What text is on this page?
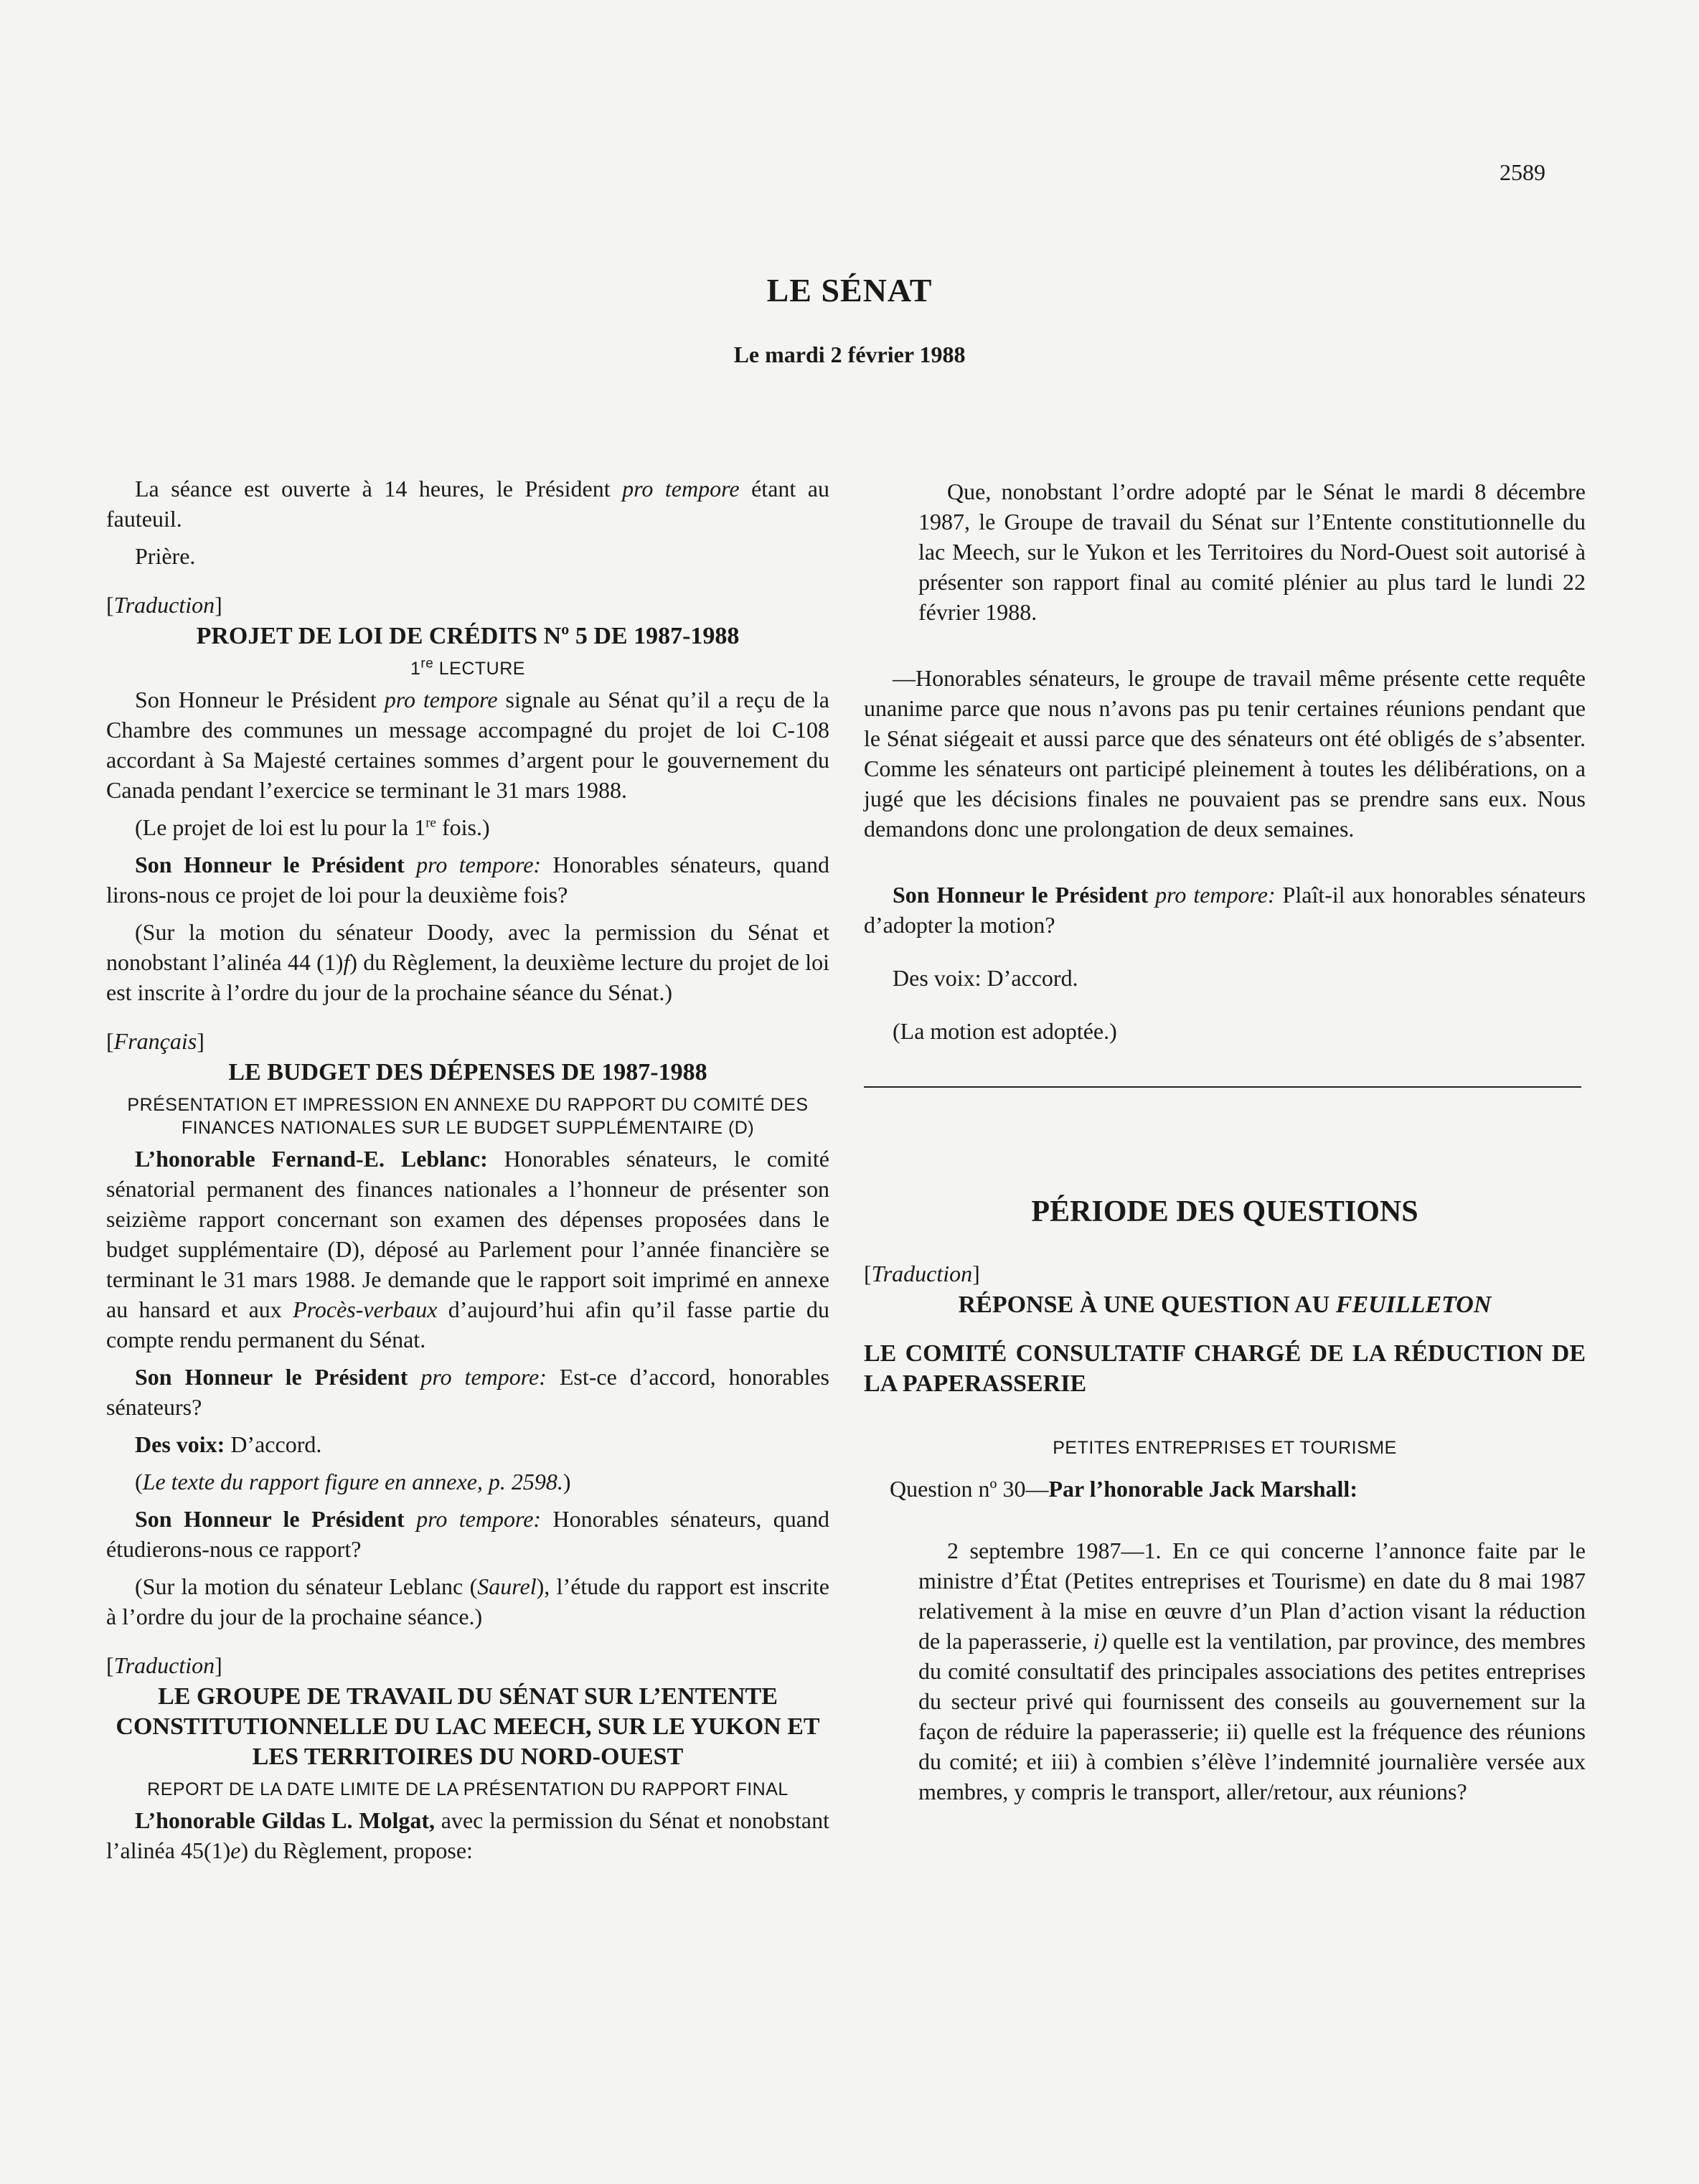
2589
LE SÉNAT
Le mardi 2 février 1988

La séance est ouverte à 14 heures, le Président pro tempore étant au fauteuil.

Prière.

[Traduction]

PROJET DE LOI DE CRÉDITS Nº 5 DE 1987-1988

1re LECTURE

Son Honneur le Président pro tempore signale au Sénat qu’il a reçu de la Chambre des communes un message accompagné du projet de loi C-108 accordant à Sa Majesté certaines sommes d’argent pour le gouvernement du Canada pendant l’exercice se terminant le 31 mars 1988.

(Le projet de loi est lu pour la 1re fois.)

Son Honneur le Président pro tempore: Honorables sénateurs, quand lirons-nous ce projet de loi pour la deuxième fois?

(Sur la motion du sénateur Doody, avec la permission du Sénat et nonobstant l’alinéa 44 (1)f) du Règlement, la deuxième lecture du projet de loi est inscrite à l’ordre du jour de la prochaine séance du Sénat.)

[Français]

LE BUDGET DES DÉPENSES DE 1987-1988

PRÉSENTATION ET IMPRESSION EN ANNEXE DU RAPPORT DU COMITÉ DES FINANCES NATIONALES SUR LE BUDGET SUPPLÉMENTAIRE (D)

L’honorable Fernand-E. Leblanc: Honorables sénateurs, le comité sénatorial permanent des finances nationales a l’honneur de présenter son seizième rapport concernant son examen des dépenses proposées dans le budget supplémentaire (D), déposé au Parlement pour l’année financière se terminant le 31 mars 1988. Je demande que le rapport soit imprimé en annexe au hansard et aux Procès-verbaux d’aujourd’hui afin qu’il fasse partie du compte rendu permanent du Sénat.

Son Honneur le Président pro tempore: Est-ce d’accord, honorables sénateurs?

Des voix: D’accord.

(Le texte du rapport figure en annexe, p. 2598.)

Son Honneur le Président pro tempore: Honorables sénateurs, quand étudierons-nous ce rapport?

(Sur la motion du sénateur Leblanc (Saurel), l’étude du rapport est inscrite à l’ordre du jour de la prochaine séance.)

[Traduction]

LE GROUPE DE TRAVAIL DU SÉNAT SUR L’ENTENTE CONSTITUTIONNELLE DU LAC MEECH, SUR LE YUKON ET LES TERRITOIRES DU NORD-OUEST

REPORT DE LA DATE LIMITE DE LA PRÉSENTATION DU RAPPORT FINAL

L’honorable Gildas L. Molgat, avec la permission du Sénat et nonobstant l’alinéa 45(1)e) du Règlement, propose:

Que, nonobstant l’ordre adopté par le Sénat le mardi 8 décembre 1987, le Groupe de travail du Sénat sur l’Entente constitutionnelle du lac Meech, sur le Yukon et les Territoires du Nord-Ouest soit autorisé à présenter son rapport final au comité plénier au plus tard le lundi 22 février 1988.

—Honorables sénateurs, le groupe de travail même présente cette requête unanime parce que nous n’avons pas pu tenir certaines réunions pendant que le Sénat siégeait et aussi parce que des sénateurs ont été obligés de s’absenter. Comme les sénateurs ont participé pleinement à toutes les délibérations, on a jugé que les décisions finales ne pouvaient pas se prendre sans eux. Nous demandons donc une prolongation de deux semaines.

Son Honneur le Président pro tempore: Plaît-il aux honorables sénateurs d’adopter la motion?

Des voix: D’accord.

(La motion est adoptée.)

PÉRIODE DES QUESTIONS

[Traduction]

RÉPONSE À UNE QUESTION AU FEUILLETON

LE COMITÉ CONSULTATIF CHARGÉ DE LA RÉDUCTION DE LA PAPERASSERIE

PETITES ENTREPRISES ET TOURISME

Question nº 30—Par l’honorable Jack Marshall:

2 septembre 1987—1. En ce qui concerne l’annonce faite par le ministre d’État (Petites entreprises et Tourisme) en date du 8 mai 1987 relativement à la mise en œuvre d’un Plan d’action visant la réduction de la paperasserie, i) quelle est la ventilation, par province, des membres du comité consultatif des principales associations des petites entreprises du secteur privé qui fournissent des conseils au gouvernement sur la façon de réduire la paperasserie; ii) quelle est la fréquence des réunions du comité; et iii) à combien s’élève l’indemnité journalière versée aux membres, y compris le transport, aller/retour, aux réunions?
